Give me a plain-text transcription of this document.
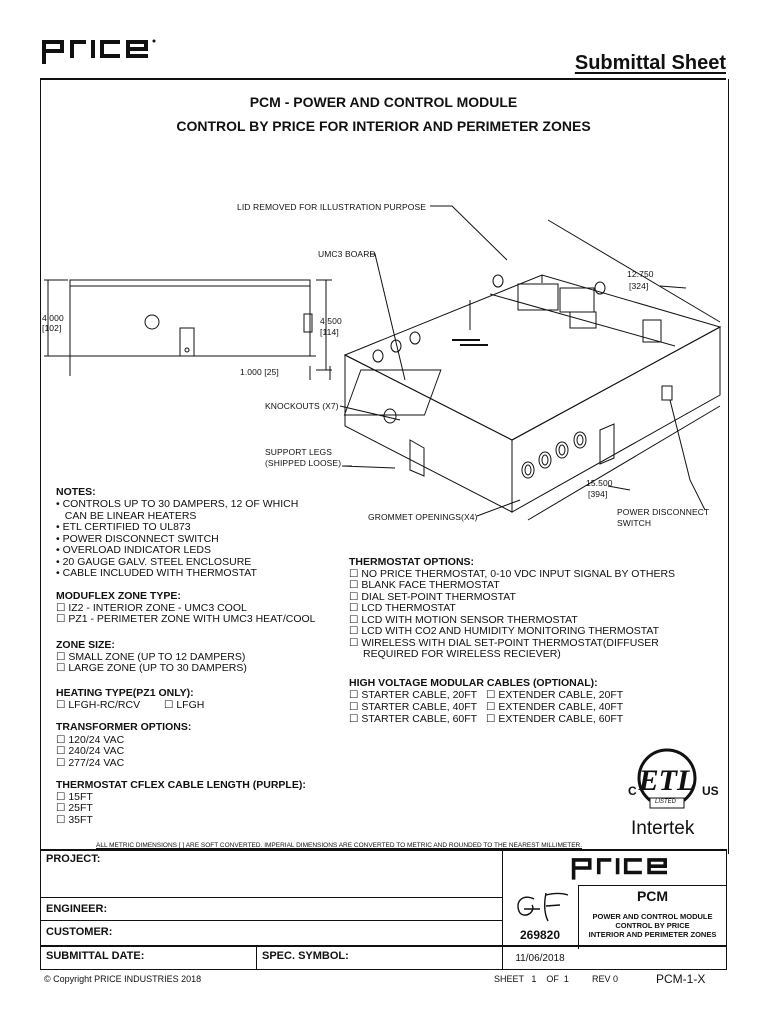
Submittal Sheet
PCM - POWER AND CONTROL MODULE
CONTROL BY PRICE FOR INTERIOR AND PERIMETER ZONES
LID REMOVED FOR ILLUSTRATION PURPOSE
UMC3 BOARD
12.750
[324]
4.000
[102]
4.500
[114]
1.000 [25]
KNOCKOUTS (X7)
SUPPORT LEGS
(SHIPPED LOOSE)
15.500
[394]
GROMMET OPENINGS(X4)	POWER DISCONNECT
SWITCH
NOTES:
• CONTROLS UP TO 30 DAMPERS, 12 OF WHICH
CAN BE LINEAR HEATERS
• ETL CERTIFIED TO UL873
• POWER DISCONNECT SWITCH
• OVERLOAD INDICATOR LEDS
• 20 GAUGE GALV. STEEL ENCLOSURE
• CABLE INCLUDED WITH THERMOSTAT
MODUFLEX ZONE TYPE:
☐ IZ2 - INTERIOR ZONE - UMC3 COOL
☐ PZ1 - PERIMETER ZONE WITH UMC3 HEAT/COOL
ZONE SIZE:
☐ SMALL ZONE (UP TO 12 DAMPERS)
☐ LARGE ZONE (UP TO 30 DAMPERS)
HEATING TYPE(PZ1 ONLY):
☐ LFGH-RC/RCV
☐	LFGH
TRANSFORMER OPTIONS:
☐ 120/24 VAC
☐ 240/24 VAC
☐ 277/24 VAC
THERMOSTAT CFLEX CABLE LENGTH (PURPLE):
☐ 15FT
☐ 25FT
☐ 35FT
THERMOSTAT OPTIONS:
☐ NO PRICE THERMOSTAT, 0-10 VDC INPUT SIGNAL BY OTHERS
☐ BLANK FACE THERMOSTAT
☐ DIAL SET-POINT THERMOSTAT
☐ LCD THERMOSTAT
☐ LCD WITH MOTION SENSOR THERMOSTAT
☐ LCD WITH CO2 AND HUMIDITY MONITORING THERMOSTAT
☐ WIRELESS WITH DIAL SET-POINT THERMOSTAT(DIFFUSER
REQUIRED FOR WIRELESS RECIEVER)
HIGH VOLTAGE MODULAR CABLES (OPTIONAL):
☐ STARTER CABLE, 20FT
☐ STARTER CABLE, 40FT
☐ STARTER CABLE, 60FT
☐ EXTENDER CABLE, 20FT
☐ EXTENDER CABLE, 40FT
☐ EXTENDER CABLE, 60FT
ETL
C	US
LISTED
Intertek
ALL METRIC DIMENSIONS [ ] ARE SOFT CONVERTED. IMPERIAL DIMENSIONS ARE CONVERTED TO METRIC AND ROUNDED TO THE NEAREST MILLIMETER.
PROJECT:
ENGINEER:
CUSTOMER:
SUBMITTAL DATE:	SPEC. SYMBOL:
PCM
POWER AND CONTROL MODULE
CONTROL BY PRICE
INTERIOR AND PERIMETER ZONES
269820
11/06/2018
© Copyright PRICE INDUSTRIES 2018	SHEET   1    OF  1	REV 0	PCM-1-X
